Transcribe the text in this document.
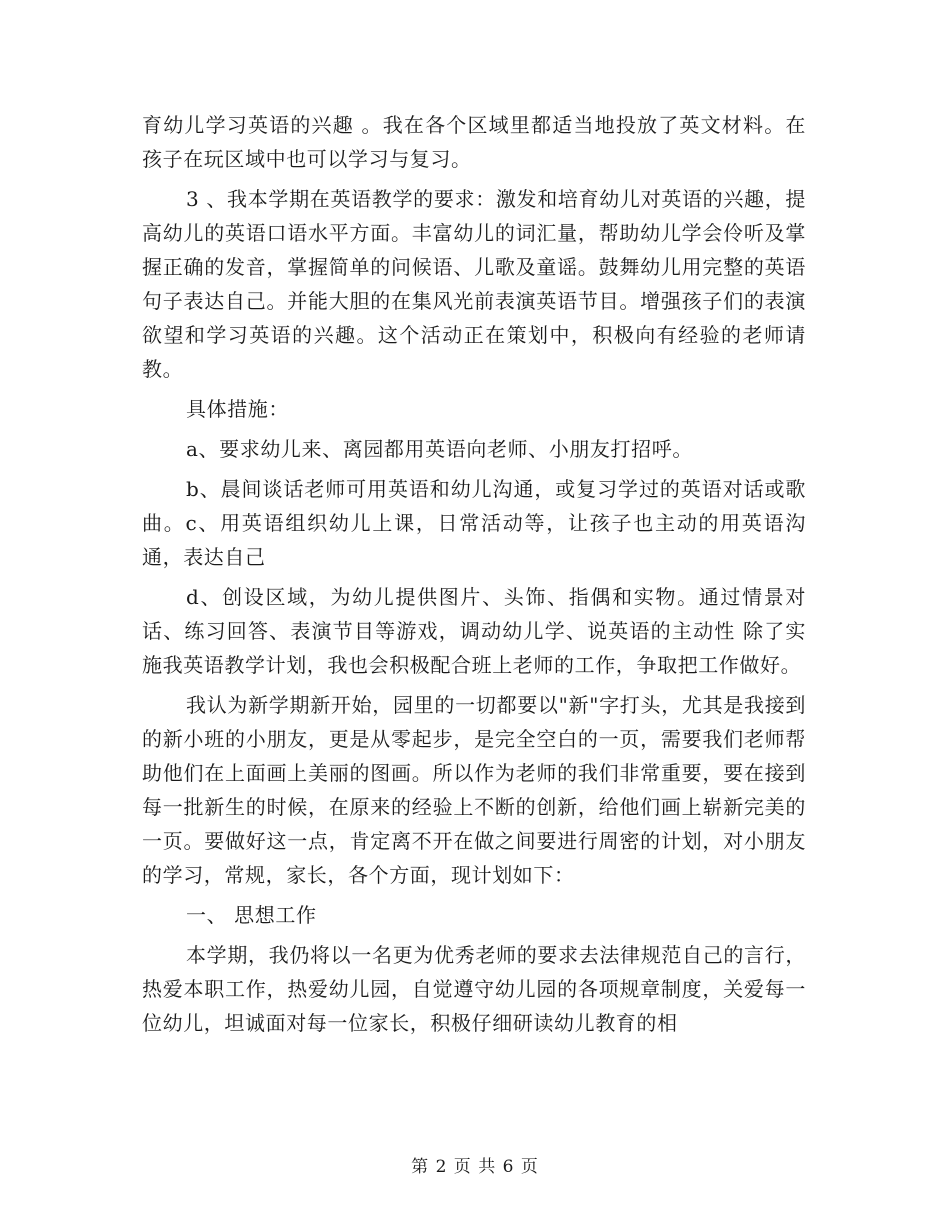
育幼儿学习英语的兴趣 。我在各个区域里都适当地投放了英文材料。在孩子在玩区域中也可以学习与复习。

3 、我本学期在英语教学的要求：激发和培育幼儿对英语的兴趣，提高幼儿的英语口语水平方面。丰富幼儿的词汇量，帮助幼儿学会伶听及掌握正确的发音，掌握简单的问候语、儿歌及童谣。鼓舞幼儿用完整的英语句子表达自己。并能大胆的在集风光前表演英语节目。增强孩子们的表演欲望和学习英语的兴趣。这个活动正在策划中，积极向有经验的老师请教。

具体措施：

a、要求幼儿来、离园都用英语向老师、小朋友打招呼。

b、晨间谈话老师可用英语和幼儿沟通，或复习学过的英语对话或歌曲。c、用英语组织幼儿上课，日常活动等，让孩子也主动的用英语沟通，表达自己

d、创设区域，为幼儿提供图片、头饰、指偶和实物。通过情景对话、练习回答、表演节目等游戏，调动幼儿学、说英语的主动性 除了实施我英语教学计划，我也会积极配合班上老师的工作，争取把工作做好。

我认为新学期新开始，园里的一切都要以"新"字打头，尤其是我接到的新小班的小朋友，更是从零起步，是完全空白的一页，需要我们老师帮助他们在上面画上美丽的图画。所以作为老师的我们非常重要，要在接到每一批新生的时候，在原来的经验上不断的创新，给他们画上崭新完美的一页。要做好这一点，肯定离不开在做之间要进行周密的计划，对小朋友的学习，常规，家长，各个方面，现计划如下：

一、 思想工作

本学期，我仍将以一名更为优秀老师的要求去法律规范自己的言行，热爱本职工作，热爱幼儿园，自觉遵守幼儿园的各项规章制度，关爱每一位幼儿，坦诚面对每一位家长，积极仔细研读幼儿教育的相

第 2 页 共 6 页
